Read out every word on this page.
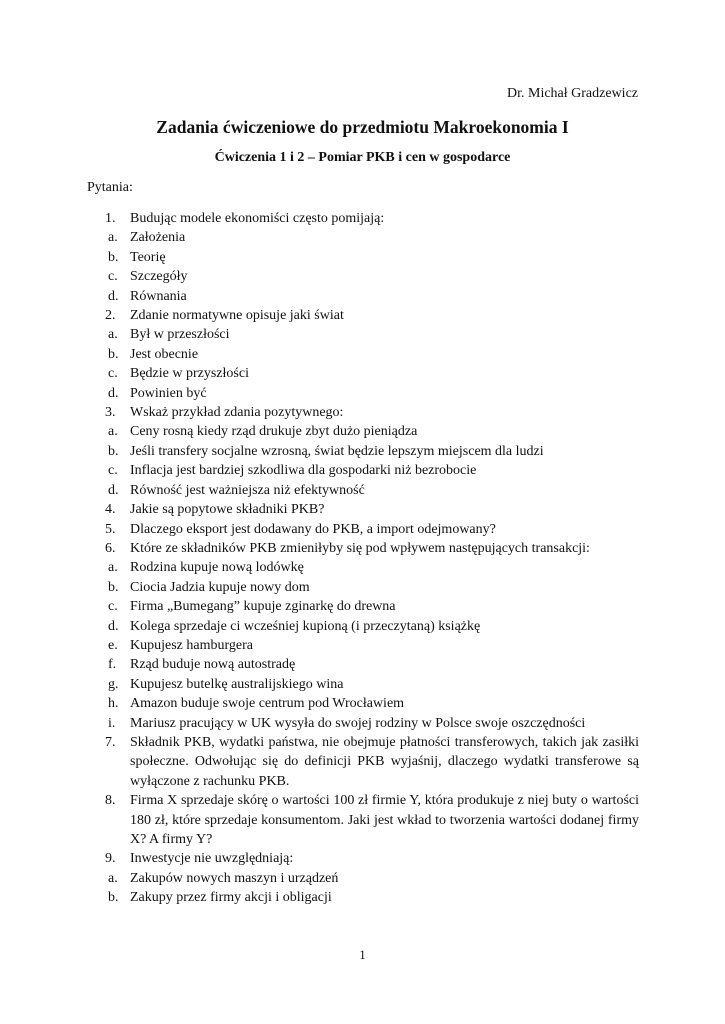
Dr. Michał Gradzewicz
Zadania ćwiczeniowe do przedmiotu Makroekonomia I
Ćwiczenia 1 i 2 – Pomiar PKB i cen w gospodarce
Pytania:
1. Budując modele ekonomiści często pomijają:
a. Założenia
b. Teorię
c. Szczegóły
d. Równania
2. Zdanie normatywne opisuje jaki świat
a. Był w przeszłości
b. Jest obecnie
c. Będzie w przyszłości
d. Powinien być
3. Wskaż przykład zdania pozytywnego:
a. Ceny rosną kiedy rząd drukuje zbyt dużo pieniądza
b. Jeśli transfery socjalne wzrosną, świat będzie lepszym miejscem dla ludzi
c. Inflacja jest bardziej szkodliwa dla gospodarki niż bezrobocie
d. Równość jest ważniejsza niż efektywność
4. Jakie są popytowe składniki PKB?
5. Dlaczego eksport jest dodawany do PKB, a import odejmowany?
6. Które ze składników PKB zmieniłyby się pod wpływem następujących transakcji:
a. Rodzina kupuje nową lodówkę
b. Ciocia Jadzia kupuje nowy dom
c. Firma „Bumegang” kupuje zginarkę do drewna
d. Kolega sprzedaje ci wcześniej kupioną (i przeczytaną) książkę
e. Kupujesz hamburgera
f. Rząd buduje nową autostradę
g. Kupujesz butelkę australijskiego wina
h. Amazon buduje swoje centrum pod Wrocławiem
i. Mariusz pracujący w UK wysyła do swojej rodziny w Polsce swoje oszczędności
7. Składnik PKB, wydatki państwa, nie obejmuje płatności transferowych, takich jak zasiłki społeczne. Odwołując się do definicji PKB wyjaśnij, dlaczego wydatki transferowe są wyłączone z rachunku PKB.
8. Firma X sprzedaje skórę o wartości 100 zł firmie Y, która produkuje z niej buty o wartości 180 zł, które sprzedaje konsumentom. Jaki jest wkład to tworzenia wartości dodanej firmy X? A firmy Y?
9. Inwestycje nie uwzględniają:
a. Zakupów nowych maszyn i urządzeń
b. Zakupy przez firmy akcji i obligacji
1
